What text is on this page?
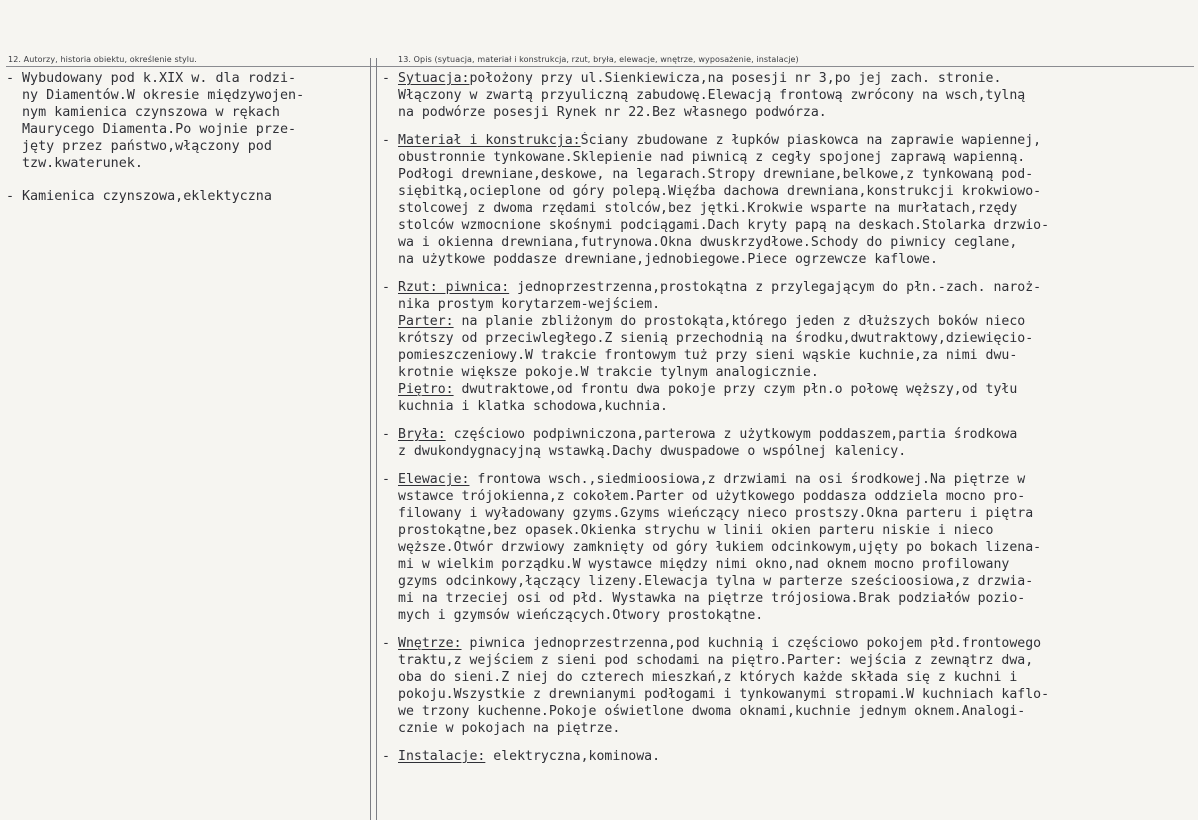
12. Autorzy, historia obiektu, określenie stylu.	13. Opis (sytuacja, materiał i konstrukcja, rzut, bryła, elewacje, wnętrze, wyposażenie, instalacje)
- Wybudowany pod k.XIX w. dla rodzi-
ny Diamentów.W okresie międzywojen-
nym kamienica czynszowa w rękach
Maurycego Diamenta.Po wojnie prze-
jęty przez państwo,włączony pod
tzw.kwaterunek.
- Kamienica czynszowa,eklektyczna
- Sytuacja:położony przy ul.Sienkiewicza,na posesji nr 3,po jej zach. stronie.
Włączony w zwartą przyuliczną zabudowę.Elewacją frontową zwrócony na wsch,tylną
na podwórze posesji Rynek nr 22.Bez własnego podwórza.
- Materiał i konstrukcja:Ściany zbudowane z łupków piaskowca na zaprawie wapiennej,
obustronnie tynkowane.Sklepienie nad piwnicą z cegły spojonej zaprawą wapienną.
Podłogi drewniane,deskowe, na legarach.Stropy drewniane,belkowe,z tynkowaną pod-
siębitką,ocieplone od góry polepą.Więźba dachowa drewniana,konstrukcji krokwiowo-
stolcowej z dwoma rzędami stolców,bez jętki.Krokwie wsparte na murłatach,rzędy
stolców wzmocnione skośnymi podciągami.Dach kryty papą na deskach.Stolarka drzwio-
wa i okienna drewniana,futrynowa.Okna dwuskrzydłowe.Schody do piwnicy ceglane,
na użytkowe poddasze drewniane,jednobiegowe.Piece ogrzewcze kaflowe.
- Rzut: piwnica: jednoprzestrzenna,prostokątna z przylegającym do płn.-zach. naroż-
nika prostym korytarzem-wejściem.
Parter: na planie zbliżonym do prostokąta,którego jeden z dłuższych boków nieco
krótszy od przeciwległego.Z sienią przechodnią na środku,dwutraktowy,dziewięcio-
pomieszczeniowy.W trakcie frontowym tuż przy sieni wąskie kuchnie,za nimi dwu-
krotnie większe pokoje.W trakcie tylnym analogicznie.
Piętro: dwutraktowe,od frontu dwa pokoje przy czym płn.o połowę węższy,od tyłu
kuchnia i klatka schodowa,kuchnia.
- Bryła: częściowo podpiwniczona,parterowa z użytkowym poddaszem,partia środkowa
z dwukondygnacyjną wstawką.Dachy dwuspadowe o wspólnej kalenicy.
- Elewacje: frontowa wsch.,siedmioosiowa,z drzwiami na osi środkowej.Na piętrze w
wstawce trójokienna,z cokołem.Parter od użytkowego poddasza oddziela mocno pro-
filowany i wyładowany gzyms.Gzyms wieńczący nieco prostszy.Okna parteru i piętra
prostokątne,bez opasek.Okienka strychu w linii okien parteru niskie i nieco
węższe.Otwór drzwiowy zamknięty od góry łukiem odcinkowym,ujęty po bokach lizena-
mi w wielkim porządku.W wystawce między nimi okno,nad oknem mocno profilowany
gzyms odcinkowy,łączący lizeny.Elewacja tylna w parterze sześcioosiowa,z drzwia-
mi na trzeciej osi od płd. Wystawka na piętrze trójosiowa.Brak podziałów pozio-
mych i gzymsów wieńczących.Otwory prostokątne.
- Wnętrze: piwnica jednoprzestrzenna,pod kuchnią i częściowo pokojem płd.frontowego
traktu,z wejściem z sieni pod schodami na piętro.Parter: wejścia z zewnątrz dwa,
oba do sieni.Z niej do czterech mieszkań,z których każde składa się z kuchni i
pokoju.Wszystkie z drewnianymi podłogami i tynkowanymi stropami.W kuchniach kaflo-
we trzony kuchenne.Pokoje oświetlone dwoma oknami,kuchnie jednym oknem.Analogi-
cznie w pokojach na piętrze.
- Instalacje: elektryczna,kominowa.
